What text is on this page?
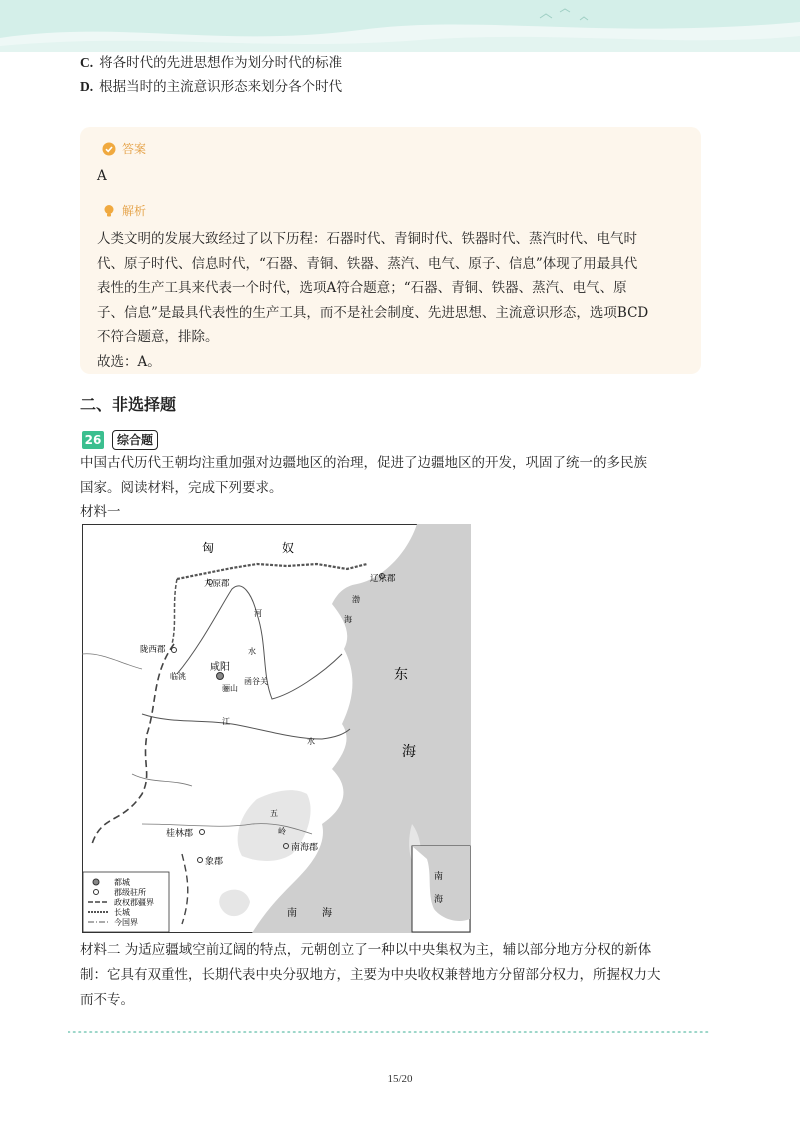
C. 将各时代的先进思想作为划分时代的标准
D. 根据当时的主流意识形态来划分各个时代
答案
A
解析

人类文明的发展大致经过了以下历程：石器时代、青铜时代、铁器时代、蒸汽时代、电气时

代、原子时代、信息时代，“石器、青铜、铁器、蒸汽、电气、原子、信息”体现了用最具代

表性的生产工具来代表一个时代，选项A符合题意；“石器、青铜、铁器、蒸汽、电气、原

子、信息”是最具代表性的生产工具，而不是社会制度、先进思想、主流意识形态，选项BCD

不符合题意，排除。

故选：A。

二、非选择题
26	综合题
中国古代历代王朝均注重加强对边疆地区的治理，促进了边疆地区的开发，巩固了统一的多民族
国家。阅读材料，完成下列要求。
材料一
匈	奴
九原郡	辽东郡
渤
海
河
水
陇西郡
临洮
咸阳
骊山
函谷关	东
海
江
水
五
岭
桂林郡
南海郡
象郡
南	海
南
海
都城
郡级驻所
政权郡疆界
长城
今国界
材料二 为适应疆域空前辽阔的特点，元朝创立了一种以中央集权为主，辅以部分地方分权的新体
制：它具有双重性，长期代表中央分驭地方，主要为中央收权兼替地方分留部分权力，所握权力大
而不专。
15/20
